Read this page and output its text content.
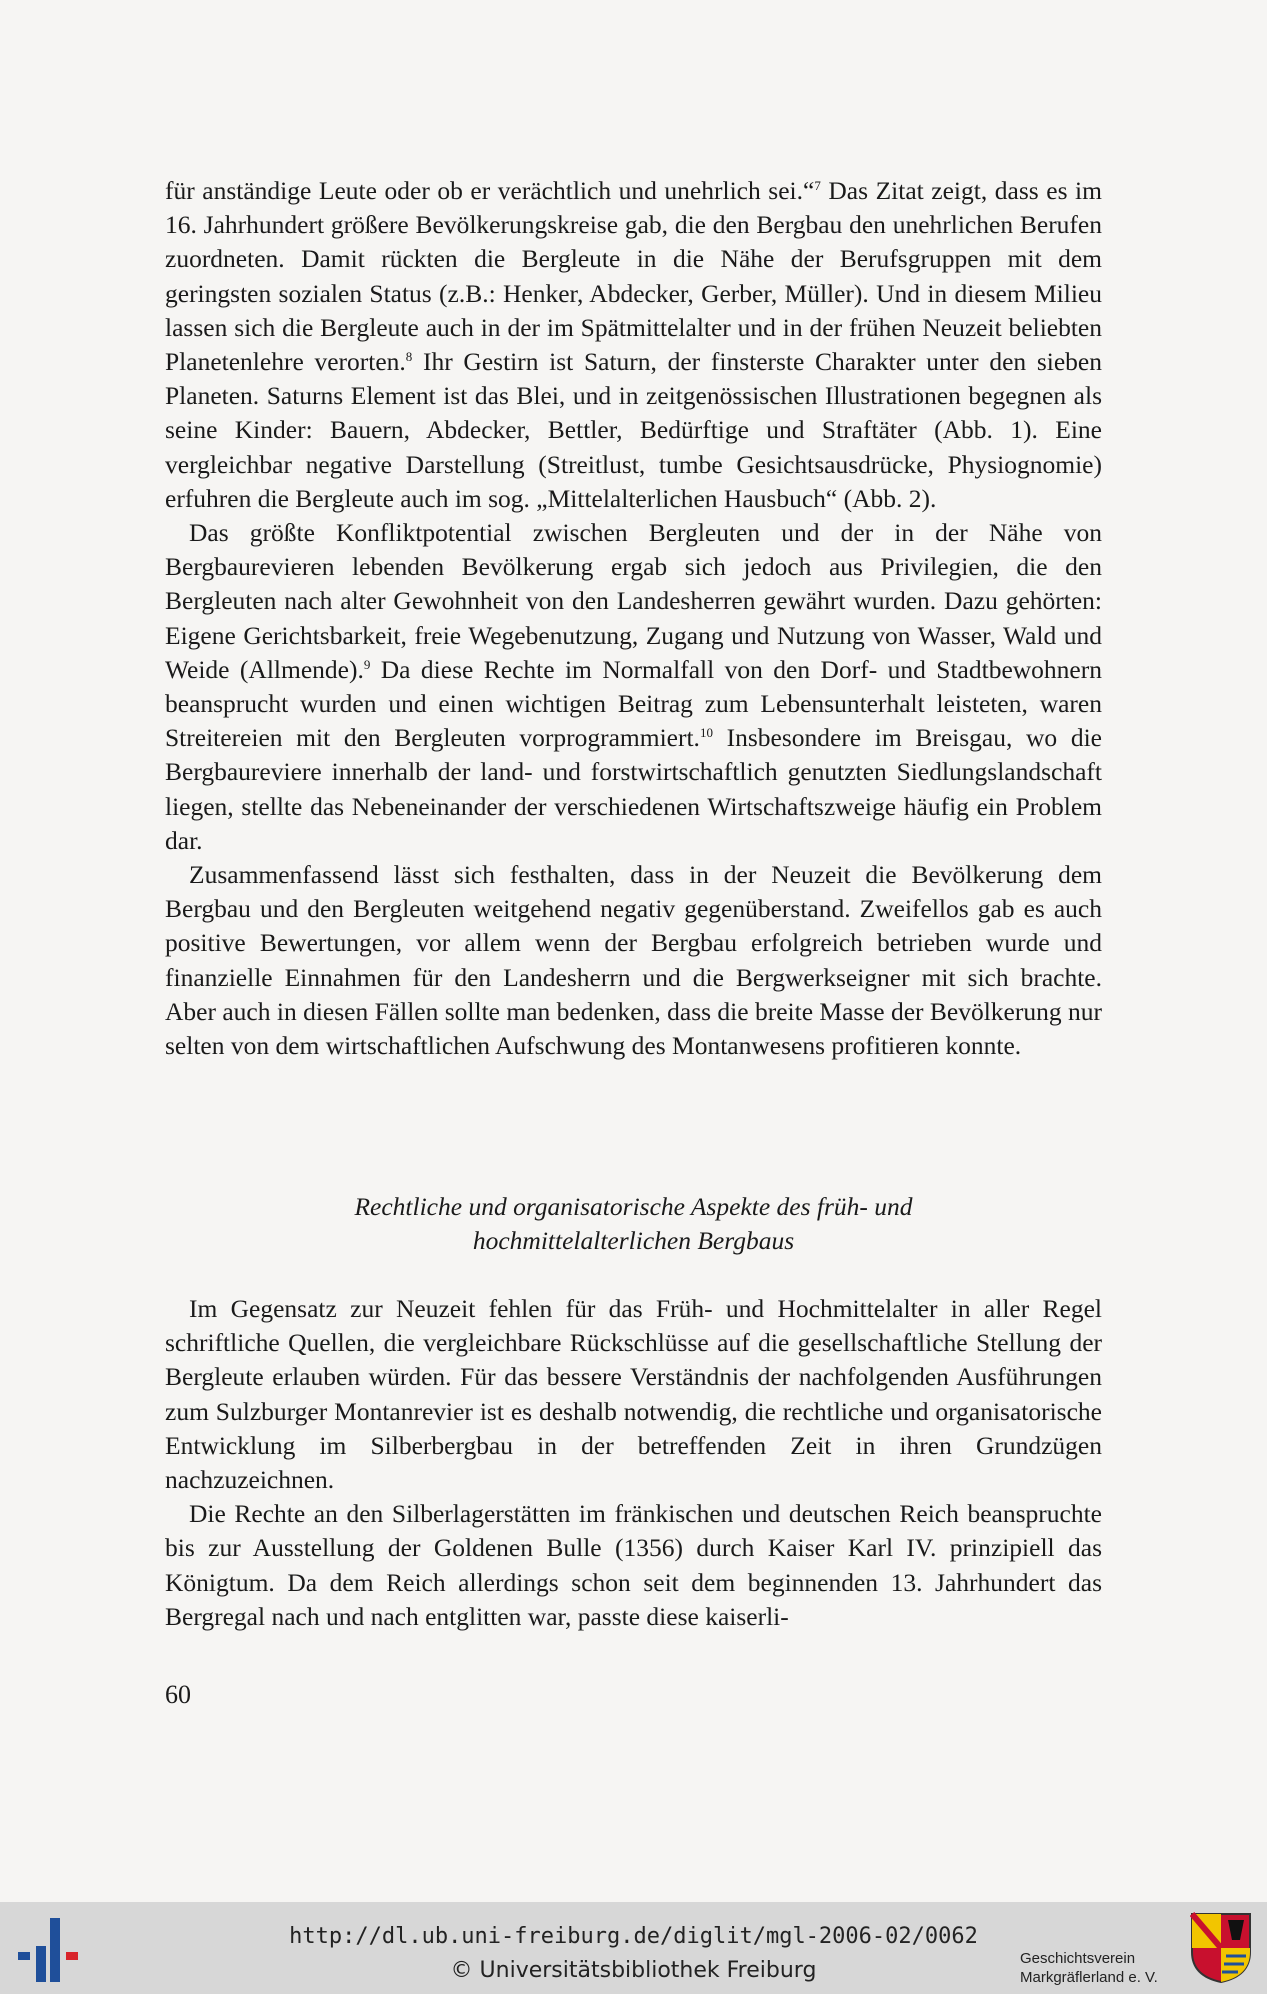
für anständige Leute oder ob er verächtlich und unehrlich sei.“$^7$ Das Zitat zeigt, dass es im 16. Jahrhundert größere Bevölkerungskreise gab, die den Bergbau den unehrlichen Berufen zuordneten. Damit rückten die Bergleute in die Nähe der Berufsgruppen mit dem geringsten sozialen Status (z.B.: Henker, Abdecker, Gerber, Müller). Und in diesem Milieu lassen sich die Bergleute auch in der im Spätmittelalter und in der frühen Neuzeit beliebten Planetenlehre verorten.$^8$ Ihr Gestirn ist Saturn, der finsterste Charakter unter den sieben Planeten. Saturns Element ist das Blei, und in zeitgenössischen Illustrationen begegnen als seine Kinder: Bauern, Abdecker, Bettler, Bedürftige und Straftäter (Abb. 1). Eine vergleichbar negative Darstellung (Streitlust, tumbe Gesichtsausdrücke, Physiognomie) erfuhren die Bergleute auch im sog. „Mittelalterlichen Hausbuch“ (Abb. 2).

Das größte Konfliktpotential zwischen Bergleuten und der in der Nähe von Bergbaurevieren lebenden Bevölkerung ergab sich jedoch aus Privilegien, die den Bergleuten nach alter Gewohnheit von den Landesherren gewährt wurden. Dazu gehörten: Eigene Gerichtsbarkeit, freie Wegebenutzung, Zugang und Nutzung von Wasser, Wald und Weide (Allmende).$^9$ Da diese Rechte im Normalfall von den Dorf- und Stadtbewohnern beansprucht wurden und einen wichtigen Beitrag zum Lebensunterhalt leisteten, waren Streitereien mit den Bergleuten vorprogrammiert.$^{10}$ Insbesondere im Breisgau, wo die Bergbaureviere innerhalb der land- und forstwirtschaftlich genutzten Siedlungslandschaft liegen, stellte das Nebeneinander der verschiedenen Wirtschaftszweige häufig ein Problem dar.

Zusammenfassend lässt sich festhalten, dass in der Neuzeit die Bevölkerung dem Bergbau und den Bergleuten weitgehend negativ gegenüberstand. Zweifellos gab es auch positive Bewertungen, vor allem wenn der Bergbau erfolgreich betrieben wurde und finanzielle Einnahmen für den Landesherrn und die Bergwerkseigner mit sich brachte. Aber auch in diesen Fällen sollte man bedenken, dass die breite Masse der Bevölkerung nur selten von dem wirtschaftlichen Aufschwung des Montanwesens profitieren konnte.

Rechtliche und organisatorische Aspekte des früh- und
hochmittelalterlichen Bergbaus

Im Gegensatz zur Neuzeit fehlen für das Früh- und Hochmittelalter in aller Regel schriftliche Quellen, die vergleichbare Rückschlüsse auf die gesellschaftliche Stellung der Bergleute erlauben würden. Für das bessere Verständnis der nachfolgenden Ausführungen zum Sulzburger Montanrevier ist es deshalb notwendig, die rechtliche und organisatorische Entwicklung im Silberbergbau in der betreffenden Zeit in ihren Grundzügen nachzuzeichnen.

Die Rechte an den Silberlagerstätten im fränkischen und deutschen Reich beanspruchte bis zur Ausstellung der Goldenen Bulle (1356) durch Kaiser Karl IV. prinzipiell das Königtum. Da dem Reich allerdings schon seit dem beginnenden 13. Jahrhundert das Bergregal nach und nach entglitten war, passte diese kaiserli-

60
http://dl.ub.uni-freiburg.de/diglit/mgl-2006-02/0062
© Universitätsbibliothek Freiburg	Geschichtsverein
Markgräflerland e. V.
